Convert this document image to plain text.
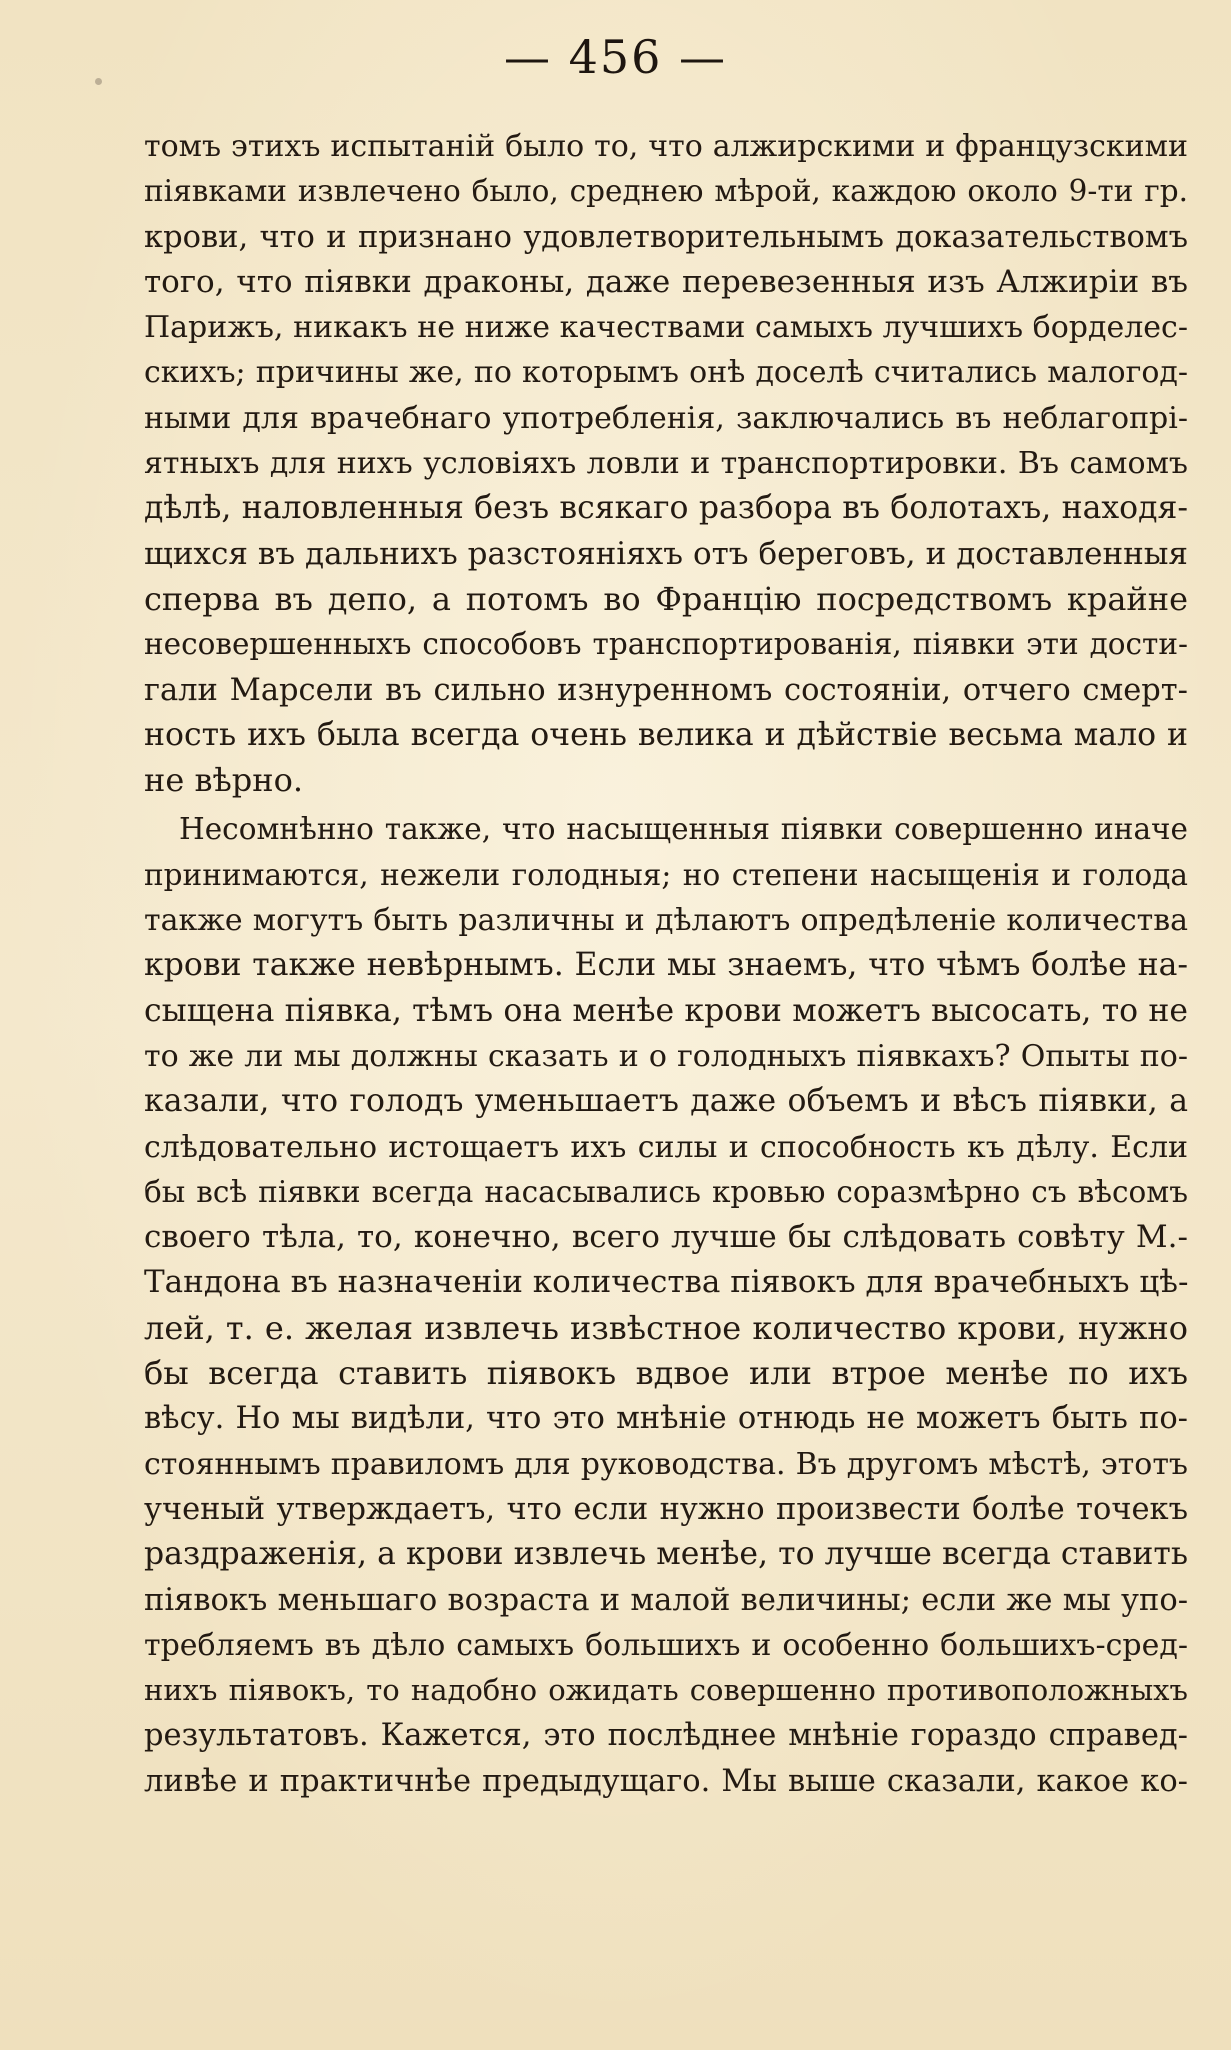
— 456 —
томъ этихъ испытаній было то, что алжирскими и французскими
піявками извлечено было, среднею мѣрой, каждою около 9-ти гр.
крови, что и признано удовлетворительнымъ доказательствомъ
того, что піявки драконы, даже перевезенныя изъ Алжиріи въ
Парижъ, никакъ не ниже качествами самыхъ лучшихъ борделес-
скихъ; причины же, по которымъ онѣ доселѣ считались малогод-
ными для врачебнаго употребленія, заключались въ неблагопрі-
ятныхъ для нихъ условіяхъ ловли и транспортировки. Въ самомъ
дѣлѣ, наловленныя безъ всякаго разбора въ болотахъ, находя-
щихся въ дальнихъ разстояніяхъ отъ береговъ, и доставленныя
сперва въ депо, а потомъ во Францію посредствомъ крайне
несовершенныхъ способовъ транспортированія, піявки эти дости-
гали Марсели въ сильно изнуренномъ состояніи, отчего смерт-
ность ихъ была всегда очень велика и дѣйствіе весьма мало и
не вѣрно.
Несомнѣнно также, что насыщенныя піявки совершенно иначе
принимаются, нежели голодныя; но степени насыщенія и голода
также могутъ быть различны и дѣлаютъ опредѣленіе количества
крови также невѣрнымъ. Если мы знаемъ, что чѣмъ болѣе на-
сыщена піявка, тѣмъ она менѣе крови можетъ высосать, то не
то же ли мы должны сказать и о голодныхъ піявкахъ? Опыты по-
казали, что голодъ уменьшаетъ даже объемъ и вѣсъ піявки, а
слѣдовательно истощаетъ ихъ силы и способность къ дѣлу. Если
бы всѣ піявки всегда насасывались кровью соразмѣрно съ вѣсомъ
своего тѣла, то, конечно, всего лучше бы слѣдовать совѣту М.-
Тандона въ назначеніи количества піявокъ для врачебныхъ цѣ-
лей, т. е. желая извлечь извѣстное количество крови, нужно
бы всегда ставить піявокъ вдвое или втрое менѣе по ихъ
вѣсу. Но мы видѣли, что это мнѣніе отнюдь не можетъ быть по-
стояннымъ правиломъ для руководства. Въ другомъ мѣстѣ, этотъ
ученый утверждаетъ, что если нужно произвести болѣе точекъ
раздраженія, а крови извлечь менѣе, то лучше всегда ставить
піявокъ меньшаго возраста и малой величины; если же мы упо-
требляемъ въ дѣло самыхъ большихъ и особенно большихъ-сред-
нихъ піявокъ, то надобно ожидать совершенно противоположныхъ
результатовъ. Кажется, это послѣднее мнѣніе гораздо справед-
ливѣе и практичнѣе предыдущаго. Мы выше сказали, какое ко-
